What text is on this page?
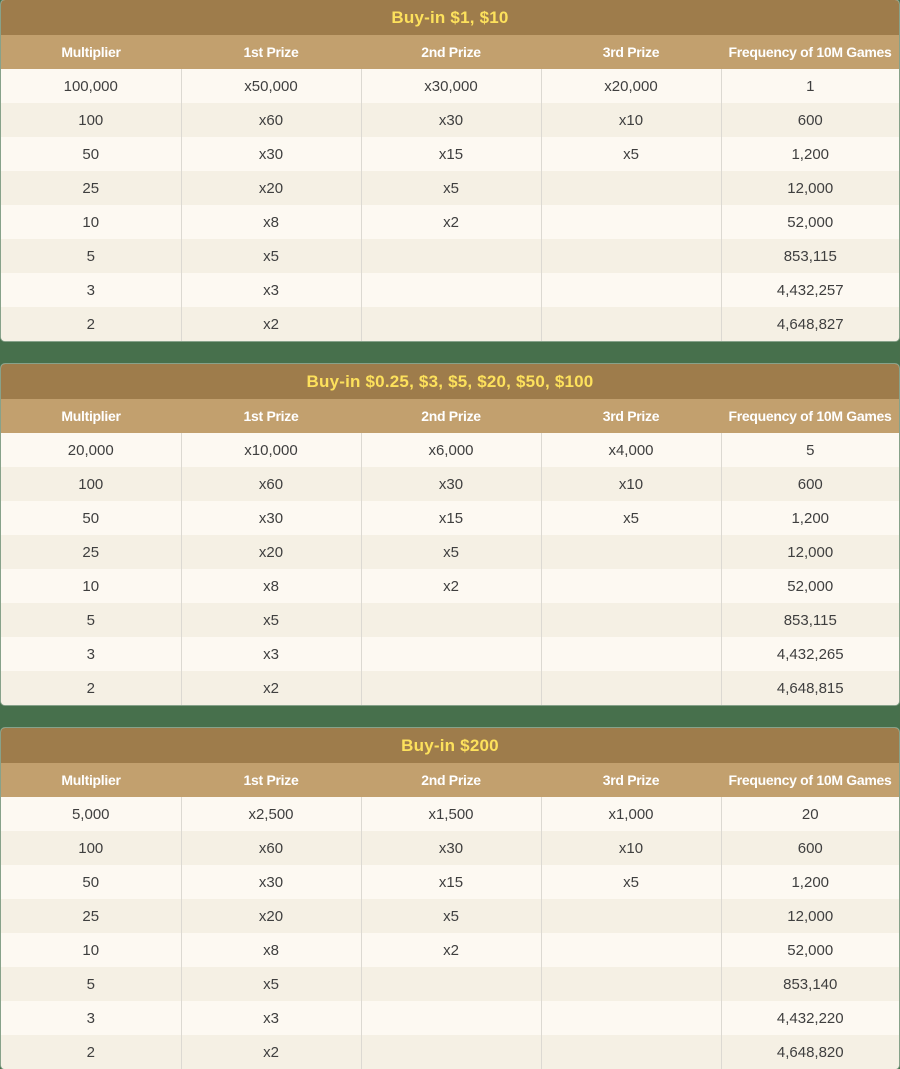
Buy-in $1, $10
Multiplier	1st Prize	2nd Prize	3rd Prize	Frequency of 10M Games
100,000	x50,000	x30,000	x20,000	1
100	x60	x30	x10	600
50	x30	x15	x5	1,200
25	x20	x5		12,000
10	x8	x2		52,000
5	x5			853,115
3	x3			4,432,257
2	x2			4,648,827
Buy-in $0.25, $3, $5, $20, $50, $100
Multiplier	1st Prize	2nd Prize	3rd Prize	Frequency of 10M Games
20,000	x10,000	x6,000	x4,000	5
100	x60	x30	x10	600
50	x30	x15	x5	1,200
25	x20	x5		12,000
10	x8	x2		52,000
5	x5			853,115
3	x3			4,432,265
2	x2			4,648,815
Buy-in $200
Multiplier	1st Prize	2nd Prize	3rd Prize	Frequency of 10M Games
5,000	x2,500	x1,500	x1,000	20
100	x60	x30	x10	600
50	x30	x15	x5	1,200
25	x20	x5		12,000
10	x8	x2		52,000
5	x5			853,140
3	x3			4,432,220
2	x2			4,648,820
